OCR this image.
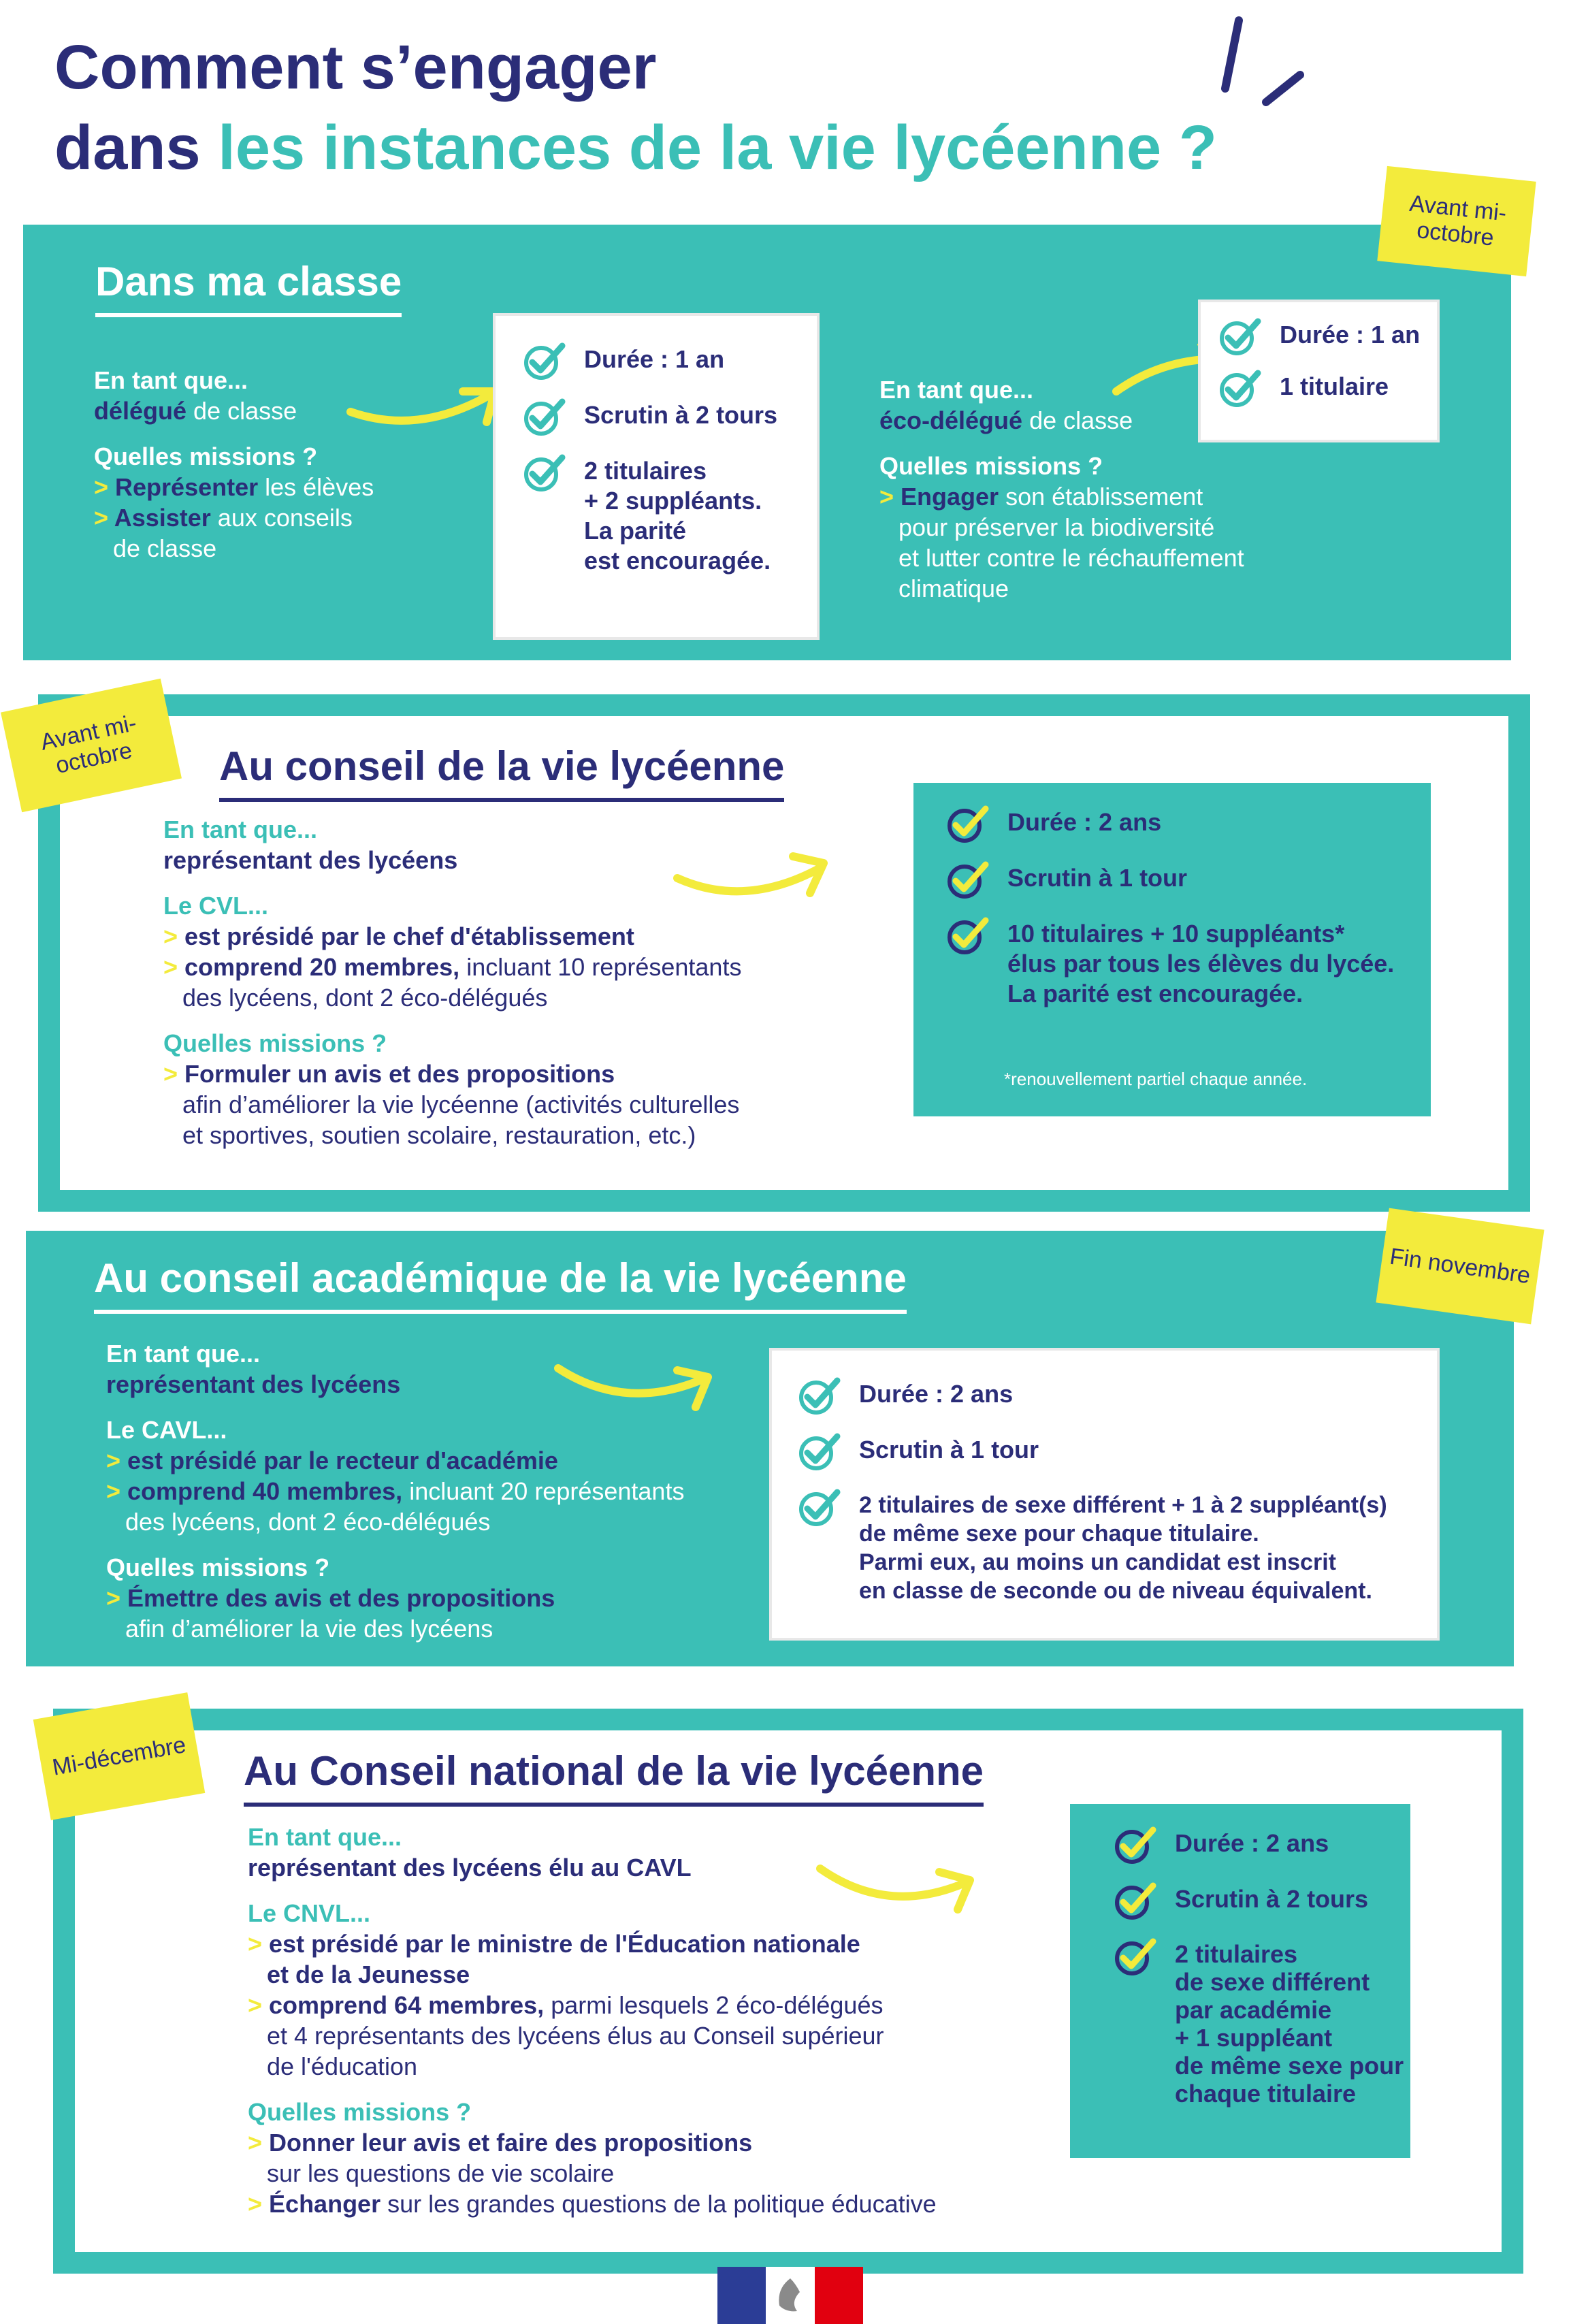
Comment s’engager
dans les instances de la vie lycéenne ?
Dans ma classe
Avant mi-octobre

En tant que...

délégué de classe

Quelles missions ?

> Représenter les élèves

> Assister aux conseils

de classe

Durée : 1 an
Scrutin à 2 tours
2 titulaires
+ 2 suppléants.
La parité
est encouragée.

En tant que...

éco-délégué de classe

Quelles missions ?

> Engager son établissement

pour préserver la biodiversité

et lutter contre le réchauffement

climatique

Durée : 1 an
1 titulaire
Avant mi-octobre	Au conseil de la vie lycéenne

En tant que...

représentant des lycéens

Le CVL...

> est présidé par le chef d'établissement

> comprend 20 membres, incluant 10 représentants

des lycéens, dont 2 éco-délégués

Quelles missions ?

> Formuler un avis et des propositions

afin d’améliorer la vie lycéenne (activités culturelles

et sportives, soutien scolaire, restauration, etc.)

Durée : 2 ans
Scrutin à 1 tour
10 titulaires + 10 suppléants*
élus par tous les élèves du lycée.
La parité est encouragée.
*renouvellement partiel chaque année.
Fin novembre
Au conseil académique de la vie lycéenne

En tant que...

représentant des lycéens

Le CAVL...

> est présidé par le recteur d'académie

> comprend 40 membres, incluant 20 représentants

des lycéens, dont 2 éco-délégués

Quelles missions ?

> Émettre des avis et des propositions

afin d’améliorer la vie des lycéens

Durée : 2 ans
Scrutin à 1 tour
2 titulaires de sexe différent + 1 à 2 suppléant(s)
de même sexe pour chaque titulaire.
Parmi eux, au moins un candidat est inscrit
en classe de seconde ou de niveau équivalent.
Mi-décembre	Au Conseil national de la vie lycéenne

En tant que...

représentant des lycéens élu au CAVL

Le CNVL...

> est présidé par le ministre de l'Éducation nationale

et de la Jeunesse

> comprend 64 membres, parmi lesquels 2 éco-délégués

et 4 représentants des lycéens élus au Conseil supérieur

de l'éducation

Quelles missions ?

> Donner leur avis et faire des propositions

sur les questions de vie scolaire

> Échanger sur les grandes questions de la politique éducative

Durée : 2 ans
Scrutin à 2 tours
2 titulaires
de sexe différent
par académie
+ 1 suppléant
de même sexe pour
chaque titulaire
